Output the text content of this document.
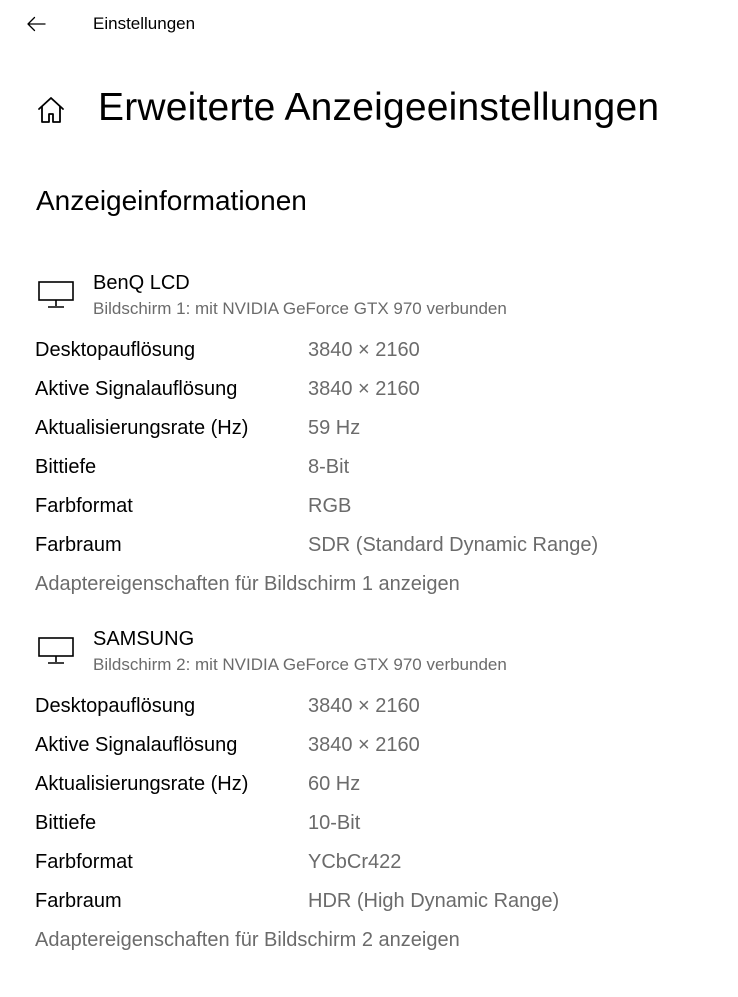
Einstellungen
Erweiterte Anzeigeeinstellungen
Anzeigeinformationen
BenQ LCD
Bildschirm 1: mit NVIDIA GeForce GTX 970 verbunden
Desktopauflösung	3840 × 2160
Aktive Signalauflösung	3840 × 2160
Aktualisierungsrate (Hz)	59 Hz
Bittiefe	8-Bit
Farbformat	RGB
Farbraum	SDR (Standard Dynamic Range)
Adaptereigenschaften für Bildschirm 1 anzeigen
SAMSUNG
Bildschirm 2: mit NVIDIA GeForce GTX 970 verbunden
Desktopauflösung	3840 × 2160
Aktive Signalauflösung	3840 × 2160
Aktualisierungsrate (Hz)	60 Hz
Bittiefe	10-Bit
Farbformat	YCbCr422
Farbraum	HDR (High Dynamic Range)
Adaptereigenschaften für Bildschirm 2 anzeigen
